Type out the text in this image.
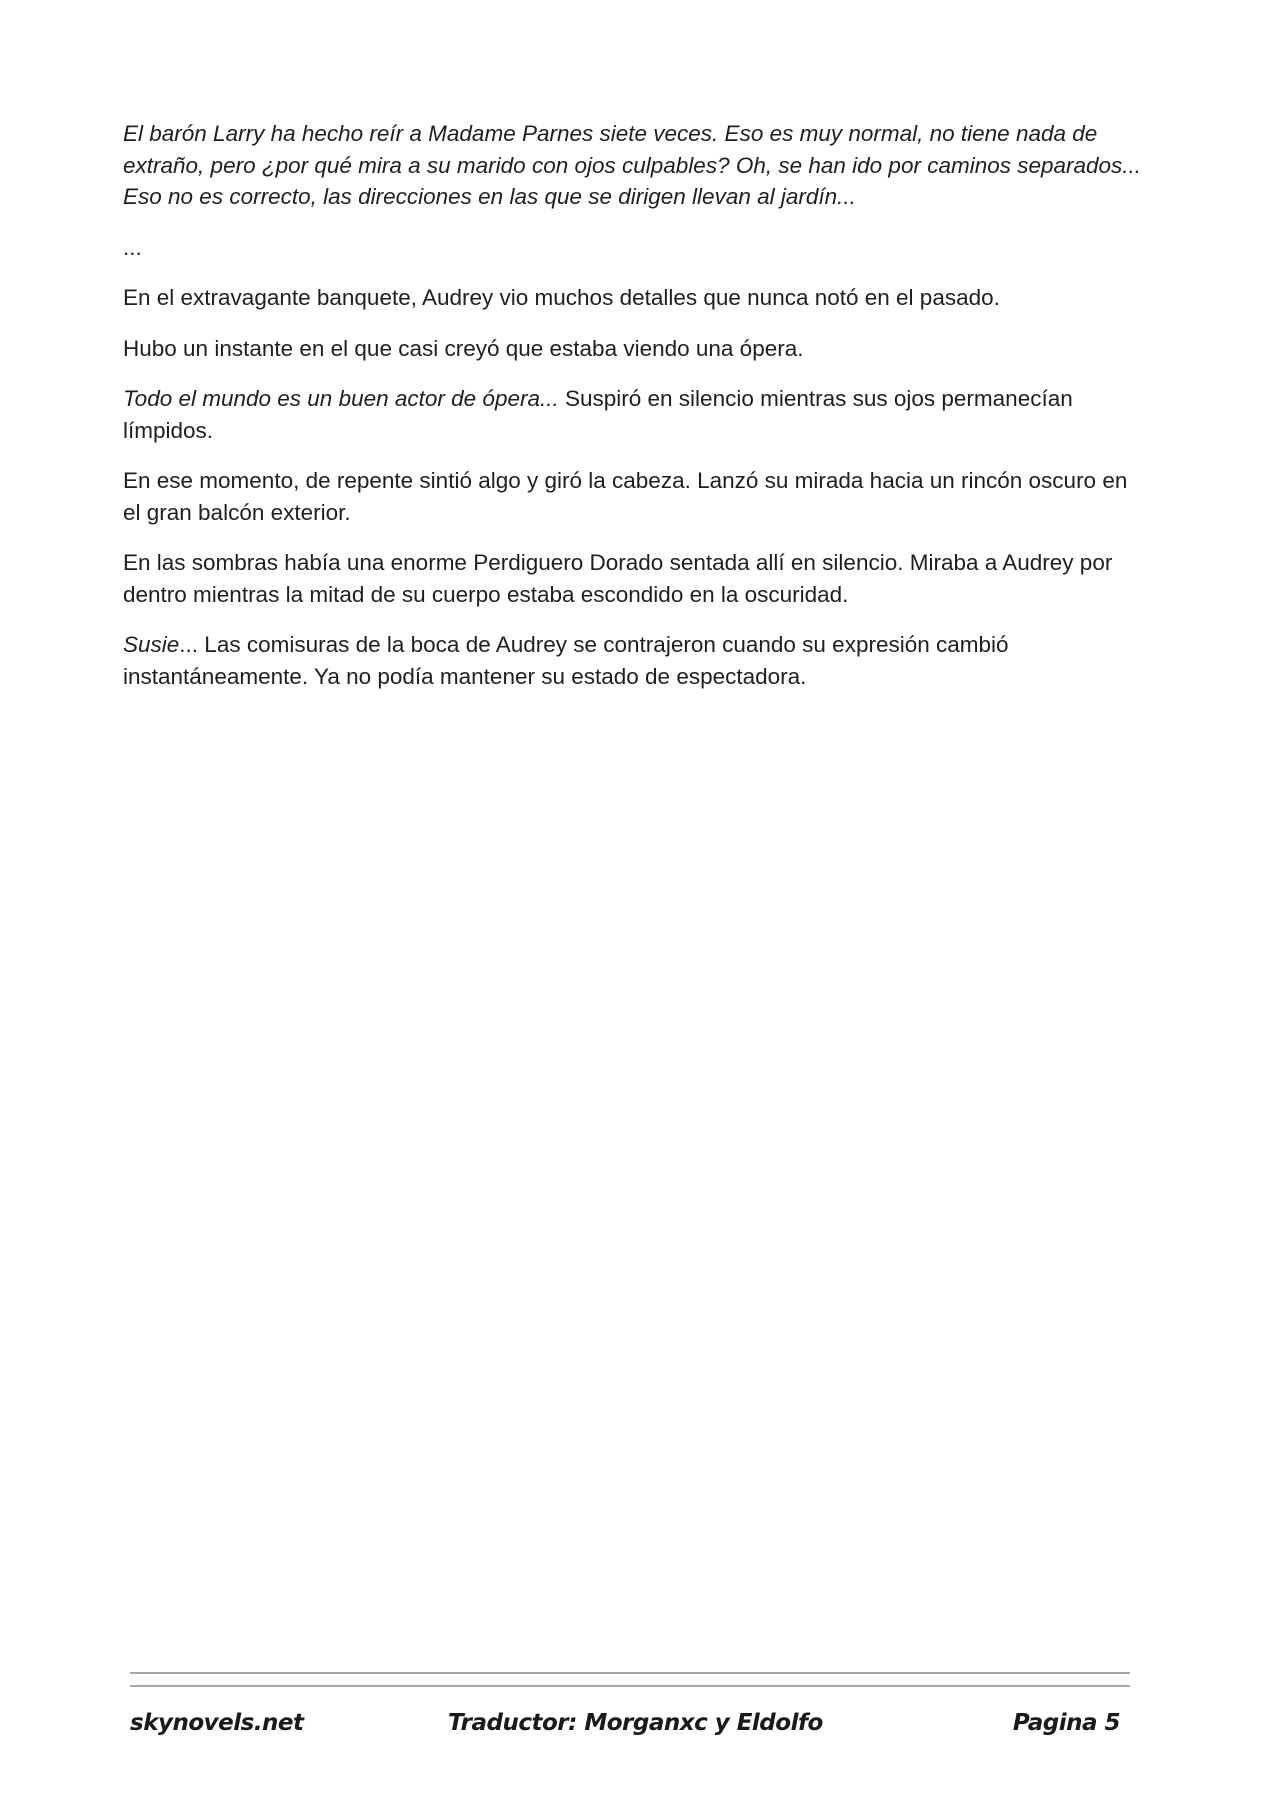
El barón Larry ha hecho reír a Madame Parnes siete veces. Eso es muy normal, no tiene nada de extraño, pero ¿por qué mira a su marido con ojos culpables? Oh, se han ido por caminos separados... Eso no es correcto, las direcciones en las que se dirigen llevan al jardín...

...

En el extravagante banquete, Audrey vio muchos detalles que nunca notó en el pasado.

Hubo un instante en el que casi creyó que estaba viendo una ópera.

Todo el mundo es un buen actor de ópera... Suspiró en silencio mientras sus ojos permanecían límpidos.

En ese momento, de repente sintió algo y giró la cabeza. Lanzó su mirada hacia un rincón oscuro en el gran balcón exterior.

En las sombras había una enorme Perdiguero Dorado sentada allí en silencio. Miraba a Audrey por dentro mientras la mitad de su cuerpo estaba escondido en la oscuridad.

Susie... Las comisuras de la boca de Audrey se contrajeron cuando su expresión cambió instantáneamente. Ya no podía mantener su estado de espectadora.

skynovels.net	Traductor: Morganxc y Eldolfo	Pagina 5
